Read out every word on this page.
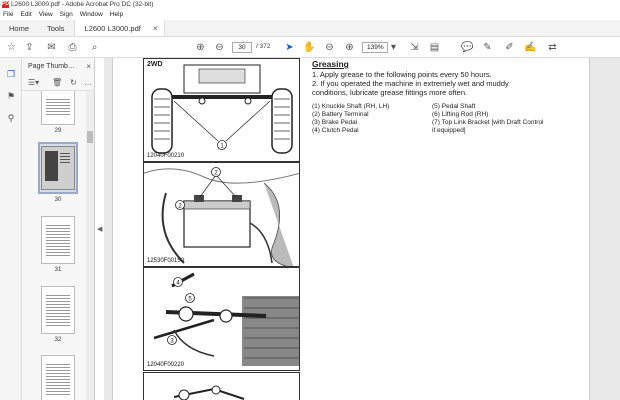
PDF L2600 L3000.pdf - Adobe Acrobat Pro DC (32-bit)
File Edit View Sign Window Help
Home	Tools	L2600 L3000.pdf ×
☆ ⇪ ✉ ⎙	⌕	⊕ ⊖	30	/ 372 ➤ ✋ ⊖ ⊕	139% ▾	⇲ ▤ 💬 ✎ ✐ ✍ ⇄
❐
⚑
⚲
Page Thumb… ×
☰▾ 🗑 ↻ …
29
30
31
32
◀
1
2WD
12040F00210
2
2
12530F00150
4
5
3
12040F00220
Greasing
1. Apply grease to the following points every 50 hours.
2. If you operated the machine in extremely wet and muddy
conditions, lubricate grease fittings more often.
(1) Knuckle Shaft (RH, LH)
(2) Battery Terminal
(3) Brake Pedal
(4) Clutch Pedal
(5) Pedal Shaft
(6) Lifting Rod (RH)
(7) Top Link Bracket [with Draft Control
if equipped]
